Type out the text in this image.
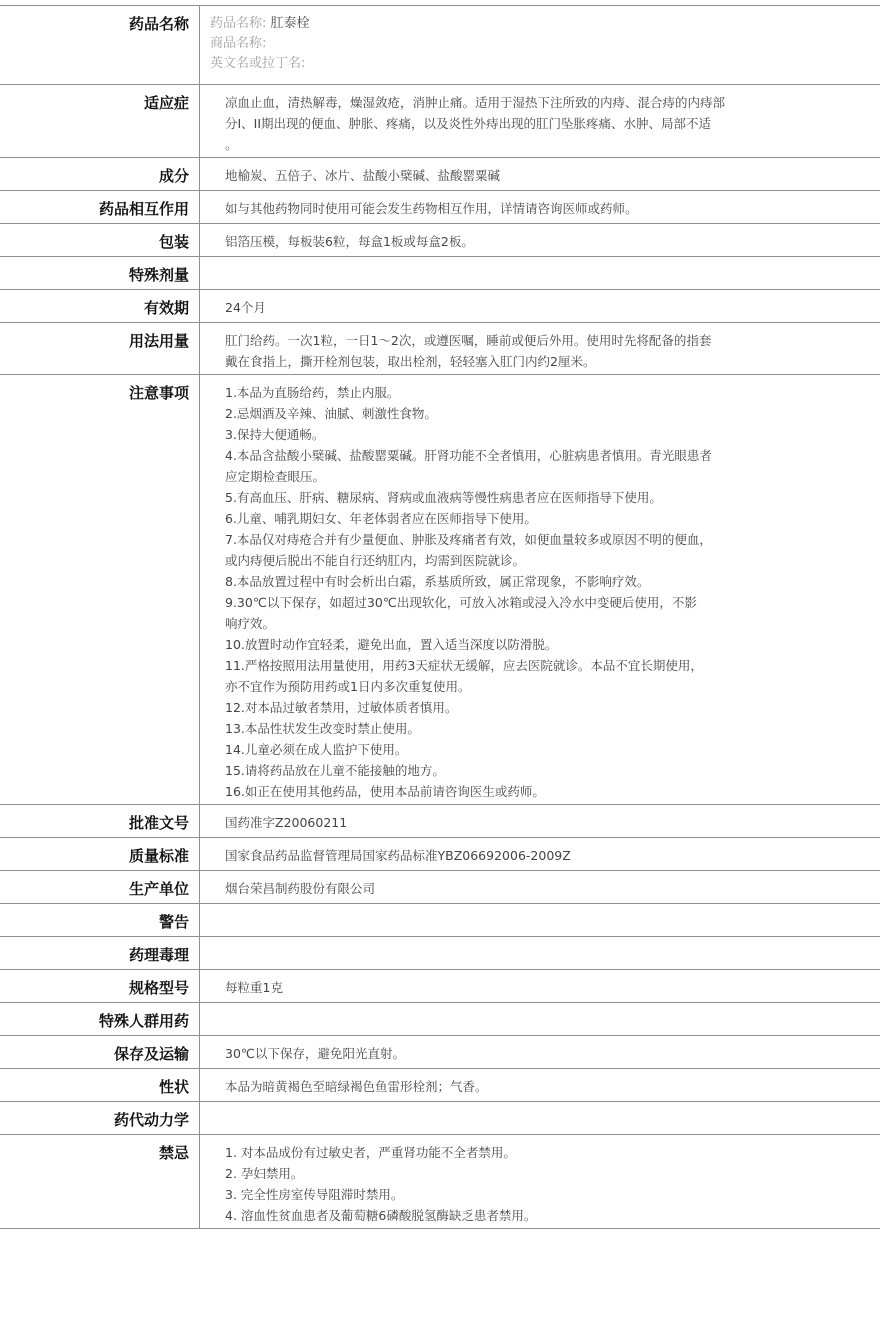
药品名称	药品名称: 肛泰栓
商品名称:
英文名或拉丁名:
适应症	凉血止血，清热解毒，燥湿敛疮，消肿止痛。适用于湿热下注所致的内痔、混合痔的内痔部
分I、II期出现的便血、肿胀、疼痛，以及炎性外痔出现的肛门坠胀疼痛、水肿、局部不适
。
成分	地榆炭、五倍子、冰片、盐酸小檗碱、盐酸罂粟碱
药品相互作用	如与其他药物同时使用可能会发生药物相互作用，详情请咨询医师或药师。
包装	铝箔压模，每板装6粒，每盒1板或每盒2板。
特殊剂量
有效期	24个月
用法用量	肛门给药。一次1粒，一日1～2次，或遵医嘱，睡前或便后外用。使用时先将配备的指套
戴在食指上，撕开栓剂包装，取出栓剂，轻轻塞入肛门内约2厘米。
注意事项	1.本品为直肠给药，禁止内服。
2.忌烟酒及辛辣、油腻、刺激性食物。
3.保持大便通畅。
4.本品含盐酸小檗碱、盐酸罂粟碱。肝肾功能不全者慎用，心脏病患者慎用。青光眼患者
应定期检查眼压。
5.有高血压、肝病、糖尿病、肾病或血液病等慢性病患者应在医师指导下使用。
6.儿童、哺乳期妇女、年老体弱者应在医师指导下使用。
7.本品仅对痔疮合并有少量便血、肿胀及疼痛者有效，如便血量较多或原因不明的便血，
或内痔便后脱出不能自行还纳肛内，均需到医院就诊。
8.本品放置过程中有时会析出白霜，系基质所致，属正常现象，不影响疗效。
9.30℃以下保存，如超过30℃出现软化，可放入冰箱或浸入冷水中变硬后使用，不影
响疗效。
10.放置时动作宜轻柔，避免出血，置入适当深度以防滑脱。
11.严格按照用法用量使用，用药3天症状无缓解，应去医院就诊。本品不宜长期使用，
亦不宜作为预防用药或1日内多次重复使用。
12.对本品过敏者禁用，过敏体质者慎用。
13.本品性状发生改变时禁止使用。
14.儿童必须在成人监护下使用。
15.请将药品放在儿童不能接触的地方。
16.如正在使用其他药品，使用本品前请咨询医生或药师。
批准文号	国药准字Z20060211
质量标准	国家食品药品监督管理局国家药品标准YBZ06692006-2009Z
生产单位	烟台荣昌制药股份有限公司
警告
药理毒理
规格型号	每粒重1克
特殊人群用药
保存及运输	30℃以下保存，避免阳光直射。
性状	本品为暗黄褐色至暗绿褐色鱼雷形栓剂；气香。
药代动力学
禁忌	1. 对本品成份有过敏史者，严重肾功能不全者禁用。
2. 孕妇禁用。
3. 完全性房室传导阻滞时禁用。
4. 溶血性贫血患者及葡萄糖6磷酸脱氢酶缺乏患者禁用。
